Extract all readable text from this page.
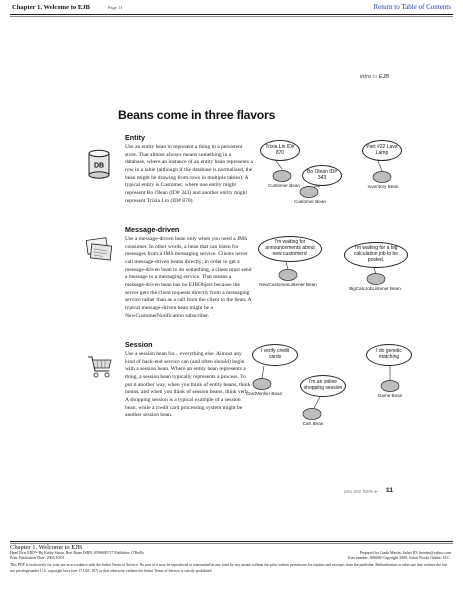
Chapter 1. Welcome to EJB	Page 11	Return to Table of Contents
intro to EJB
Beans come in three flavors
DB
Entity

Use an entity bean to represent a thing in a persistent store. That almost always means something in a database, where an instance of an entity bean represents a row in a table (although if the database is normalized, the bean might be drawing from rows in multiple tables). A typical entity is Customer, where one entity might represent Bo Olean (ID# 343) and another entity might represent Trixia Lin (ID# 870).

Trixia Lin ID# 870
Bo Olean ID# 343
Part #22 Lava Lamp
Customer Bean
Customer Bean
Inventory Bean
Message-driven

Use a message-driven bean only when you need a JMS consumer. In other words, a bean that can listen for messages from a JMS messaging service. Clients never call message-driven beans directly; in order to get a message-driven bean to do something, a client must send a message to a messaging service. That means a message-driven bean has no EJBObject because the server gets the client requests directly from a messaging service rather than as a call from the client to the bean. A typical message-driven bean might be a NewCustomerNotification subscriber.

I'm waiting for announcements about new customers!
I'm waiting for a big calculation job to be posted.
NewCustomerListener Bean
BigCalcJobListener Bean
Session

Use a session bean for... everything else. Almost any kind of back-end service can (and often should) begin with a session bean. Where an entity bean represents a thing, a session bean typically represents a process. To put it another way, when you think of entity beans, think nouns, and when you think of session beans, think verb. A shopping session is a typical example of a session bean, while a credit card processing system might be another session bean.

I verify credit cards
I'm an online shopping session
I do genetic matching
CardVerifier Bean
Cart Bean
Game Bean
you are here ▸ 11
Chapter 1. Welcome to EJB
Head First EJB™ By Kathy Sierra, Bert Bates ISBN: 0596005717 Publisher: O'Reilly
Print Publication Date: 2003/10/01
Prepared for Linda Martin, Safari ID: lmartin@yahoo.com
User number: 896469 Copyright 2008, Safari Books Online, LLC.
This PDF is exclusively for your use in accordance with the Safari Terms of Service. No part of it may be reproduced or transmitted in any form by any means without the prior written permission for reprints and excerpts from the publisher. Redistribution or other use that violates the fair use privilege under U.S. copyright laws (see 17 USC 107) or that otherwise violates the Safari Terms of Service is strictly prohibited.
